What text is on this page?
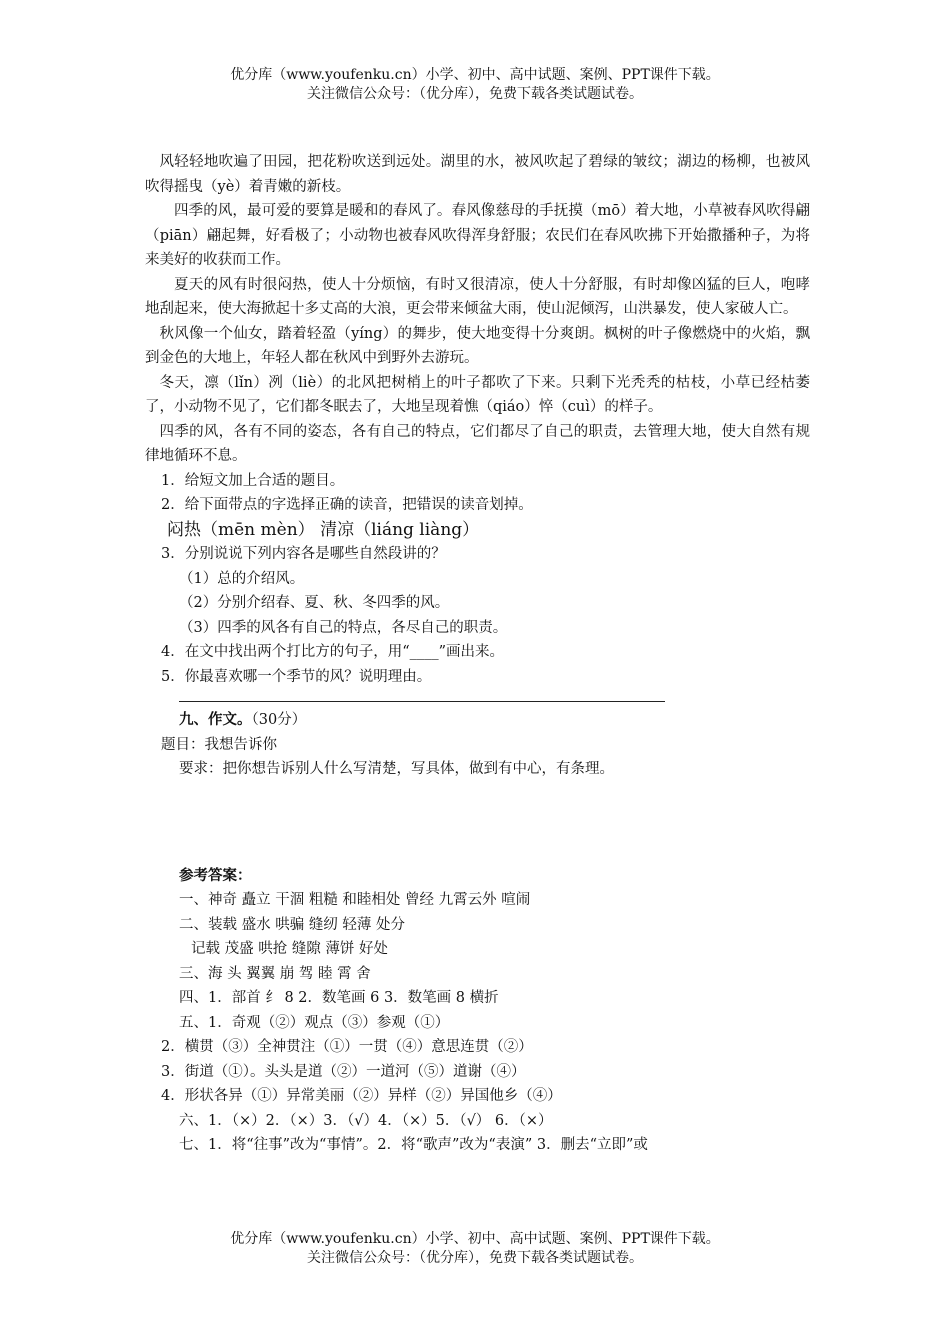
优分库（www.youfenku.cn）小学、初中、高中试题、案例、PPT课件下载。
关注微信公众号：（优分库），免费下载各类试题试卷。

风轻轻地吹遍了田园，把花粉吹送到远处。湖里的水，被风吹起了碧绿的皱纹；湖边的杨柳，也被风吹得摇曳（yè）着青嫩的新枝。

四季的风，最可爱的要算是暖和的春风了。春风像慈母的手抚摸（mō）着大地，小草被春风吹得翩（piān）翩起舞，好看极了；小动物也被春风吹得浑身舒服；农民们在春风吹拂下开始撒播种子，为将来美好的收获而工作。

夏天的风有时很闷热，使人十分烦恼，有时又很清凉，使人十分舒服，有时却像凶猛的巨人，咆哮地刮起来，使大海掀起十多丈高的大浪，更会带来倾盆大雨，使山泥倾泻，山洪暴发，使人家破人亡。

秋风像一个仙女，踏着轻盈（yíng）的舞步，使大地变得十分爽朗。枫树的叶子像燃烧中的火焰，飘到金色的大地上，年轻人都在秋风中到野外去游玩。

冬天，凛（lǐn）冽（liè）的北风把树梢上的叶子都吹了下来。只剩下光秃秃的枯枝，小草已经枯萎了，小动物不见了，它们都冬眠去了，大地呈现着憔（qiáo）悴（cuì）的样子。

四季的风，各有不同的姿态，各有自己的特点，它们都尽了自己的职责，去管理大地，使大自然有规律地循环不息。

1．给短文加上合适的题目。

2．给下面带点的字选择正确的读音，把错误的读音划掉。

闷热（mēn mèn） 清凉（liáng liàng）

3．分别说说下列内容各是哪些自然段讲的？

（1）总的介绍风。

（2）分别介绍春、夏、秋、冬四季的风。

（3）四季的风各有自己的特点，各尽自己的职责。

4．在文中找出两个打比方的句子，用“____”画出来。

5．你最喜欢哪一个季节的风？说明理由。

九、作文。（30分）

题目：我想告诉你

要求：把你想告诉别人什么写清楚，写具体，做到有中心，有条理。

参考答案：

一、神奇 矗立 干涸 粗糙 和睦相处 曾经 九霄云外 喧闹

二、装载 盛水 哄骗 缝纫 轻薄 处分

记载 茂盛 哄抢 缝隙 薄饼 好处

三、海 头 翼翼 崩 驾 睦 霄 舍

四、1．部首 纟 8 2．数笔画 6 3．数笔画 8 横折

五、1．奇观（②）观点（③）参观（①）

2．横贯（③）全神贯注（①）一贯（④）意思连贯（②）

3．街道（①）。头头是道（②）一道河（⑤）道谢（④）

4．形状各异（①）异常美丽（②）异样（②）异国他乡（④）

六、1．（×）2．（×）3．（√）4．（×）5．（√） 6．（×）

七、1．将“往事”改为“事情”。2．将“歌声”改为“表演” 3．删去“立即”或

优分库（www.youfenku.cn）小学、初中、高中试题、案例、PPT课件下载。
关注微信公众号：（优分库），免费下载各类试题试卷。
